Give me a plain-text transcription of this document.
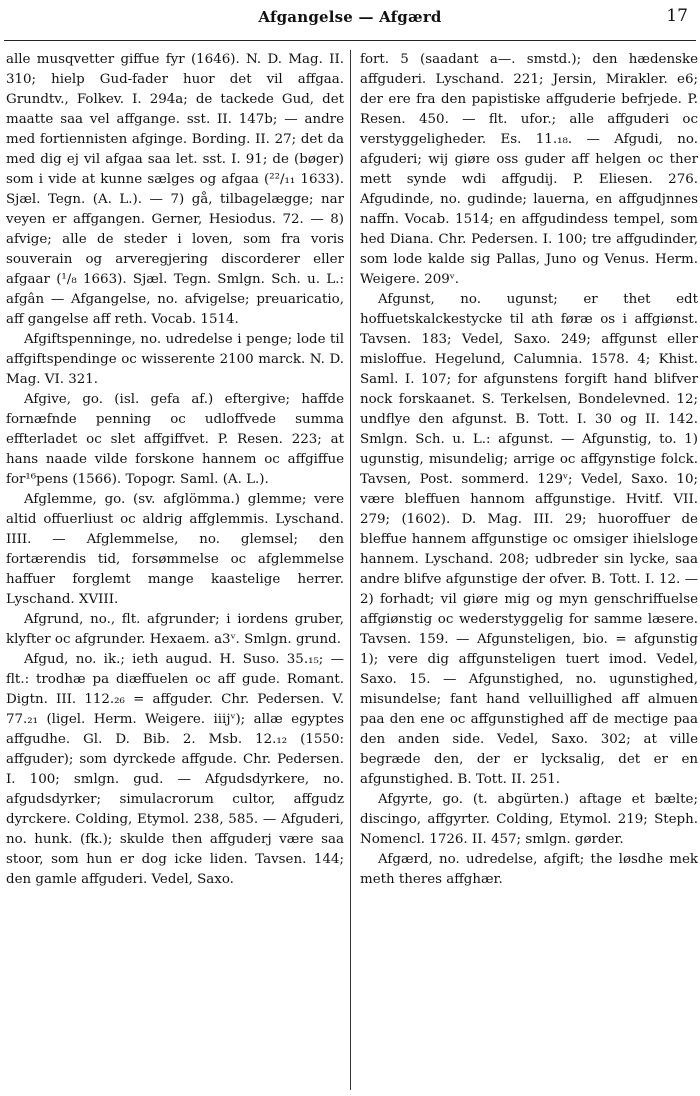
Afgangelse — Afgærd	17

alle musqvetter giffue fyr (1646). N. D. Mag. II. 310; hielp Gud-fader huor det vil affgaa. Grundtv., Folkev. I. 294a; de tackede Gud, det maatte saa vel affgange. sst. II. 147b; — andre med fortiennisten afginge. Bording. II. 27; det da med dig ej vil afgaa saa let. sst. I. 91; de (bøger) som i vide at kunne sælges og afgaa (²²/₁₁ 1633). Sjæl. Tegn. (A. L.). — 7) gå, tilbagelægge; nar veyen er affgangen. Gerner, Hesiodus. 72. — 8) afvige; alle de steder i loven, som fra voris souverain og arveregjering discorderer eller afgaar (¹/₈ 1663). Sjæl. Tegn. Smlgn. Sch. u. L.: afgân — Afgangelse, no. afvigelse; preuaricatio, aff gangelse aff reth. Vocab. 1514.

Afgiftspenninge, no. udredelse i penge; lode til affgiftspendinge oc wisserente 2100 marck. N. D. Mag. VI. 321.

Afgive, go. (isl. gefa af.) eftergive; haffde fornæfnde penning oc udloffvede summa effterladet oc slet affgiffvet. P. Resen. 223; at hans naade vilde forskone hannem oc affgiffue for¹⁶pens (1566). Topogr. Saml. (A. L.).

Afglemme, go. (sv. afglömma.) glemme; vere altid offuerliust oc aldrig affglemmis. Lyschand. IIII. — Afglemmelse, no. glemsel; den fortærendis tid, forsømmelse oc afglemmelse haffuer forglemt mange kaastelige herrer. Lyschand. XVIII.

Afgrund, no., flt. afgrunder; i iordens gruber, klyfter oc afgrunder. Hexaem. a3ᵛ. Smlgn. grund.

Afgud, no. ik.; ieth augud. H. Suso. 35.₁₅; — flt.: trodhæ pa diæffuelen oc aff gude. Romant. Digtn. III. 112.₂₆ = affguder. Chr. Pedersen. V. 77.₂₁ (ligel. Herm. Weigere. iiijᵛ); allæ egyptes affgudhe. Gl. D. Bib. 2. Msb. 12.₁₂ (1550: affguder); som dyrckede affgude. Chr. Pedersen. I. 100; smlgn. gud. — Afgudsdyrkere, no. afgudsdyrker; simulacrorum cultor, affgudz dyrckere. Colding, Etymol. 238, 585. — Afguderi, no. hunk. (fk.); skulde then affguderj være saa stoor, som hun er dog icke liden. Tavsen. 144; den gamle affguderi. Vedel, Saxo.

fort. 5 (saadant a—. smstd.); den hædenske affguderi. Lyschand. 221; Jersin, Mirakler. e6; der ere fra den papistiske affguderie befrjede. P. Resen. 450. — flt. ufor.; alle affguderi oc verstyggeligheder. Es. 11.₁₈. — Afgudi, no. afguderi; wij giøre oss guder aff helgen oc ther mett synde wdi affgudij. P. Eliesen. 276. Afgudinde, no. gudinde; lauerna, en affgudjnnes naffn. Vocab. 1514; en affgudindess tempel, som hed Diana. Chr. Pedersen. I. 100; tre affgudinder, som lode kalde sig Pallas, Juno og Venus. Herm. Weigere. 209ᵛ.

Afgunst, no. ugunst; er thet edt hoffuetskalckestycke til ath føræ os i affgiønst. Tavsen. 183; Vedel, Saxo. 249; affgunst eller misloffue. Hegelund, Calumnia. 1578. 4; Khist. Saml. I. 107; for afgunstens forgift hand blifver nock forskaanet. S. Terkelsen, Bondelevned. 12; undflye den afgunst. B. Tott. I. 30 og II. 142. Smlgn. Sch. u. L.: afgunst. — Afgunstig, to. 1) ugunstig, misundelig; arrige oc affgynstige folck. Tavsen, Post. sommerd. 129ᵛ; Vedel, Saxo. 10; være bleffuen hannom affgunstige. Hvitf. VII. 279; (1602). D. Mag. III. 29; huoroffuer de bleffue hannem affgunstige oc omsiger ihielsloge hannem. Lyschand. 208; udbreder sin lycke, saa andre blifve afgunstige der ofver. B. Tott. I. 12. — 2) forhadt; vil giøre mig og myn genschriffuelse affgiønstig oc wederstyggelig for samme læsere. Tavsen. 159. — Afgunsteligen, bio. = afgunstig 1); vere dig affgunsteligen tuert imod. Vedel, Saxo. 15. — Afgunstighed, no. ugunstighed, misundelse; fant hand velluillighed aff almuen paa den ene oc affgunstighed aff de mectige paa den anden side. Vedel, Saxo. 302; at ville begræde den, der er lycksalig, det er en afgunstighed. B. Tott. II. 251.

Afgyrte, go. (t. abgürten.) aftage et bælte; discingo, affgyrter. Colding, Etymol. 219; Steph. Nomencl. 1726. II. 457; smlgn. gørder.

Afgærd, no. udredelse, afgift; the løsdhe mek meth theres affghær.
